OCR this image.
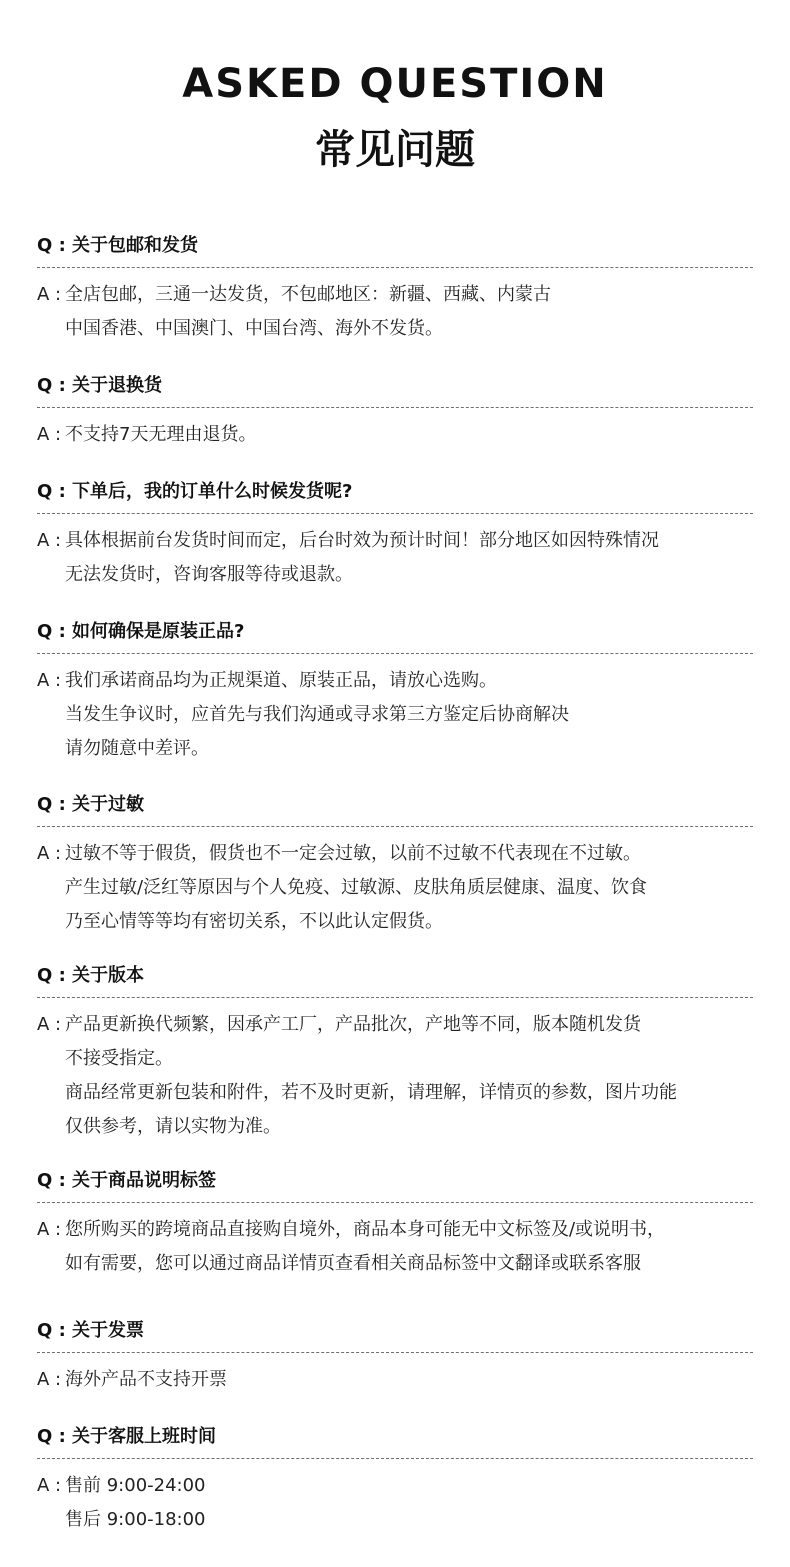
ASKED QUESTION
常见问题
Q : 关于包邮和发货
A :全店包邮，三通一达发货，不包邮地区：新疆、西藏、内蒙古
中国香港、中国澳门、中国台湾、海外不发货。
Q : 关于退换货
A :不支持7天无理由退货。
Q : 下单后，我的订单什么时候发货呢?
A :具体根据前台发货时间而定，后台时效为预计时间！部分地区如因特殊情况
无法发货时，咨询客服等待或退款。
Q : 如何确保是原装正品?
A :我们承诺商品均为正规渠道、原装正品，请放心选购。
当发生争议时，应首先与我们沟通或寻求第三方鉴定后协商解决
请勿随意中差评。
Q : 关于过敏
A :过敏不等于假货，假货也不一定会过敏，以前不过敏不代表现在不过敏。
产生过敏/泛红等原因与个人免疫、过敏源、皮肤角质层健康、温度、饮食
乃至心情等等均有密切关系，不以此认定假货。
Q : 关于版本
A :产品更新换代频繁，因承产工厂，产品批次，产地等不同，版本随机发货
不接受指定。
商品经常更新包装和附件，若不及时更新，请理解，详情页的参数，图片功能
仅供参考，请以实物为准。
Q : 关于商品说明标签
A :您所购买的跨境商品直接购自境外，商品本身可能无中文标签及/或说明书，
如有需要，您可以通过商品详情页查看相关商品标签中文翻译或联系客服
Q : 关于发票
A :海外产品不支持开票
Q : 关于客服上班时间
A :售前 9:00-24:00
售后 9:00-18:00
